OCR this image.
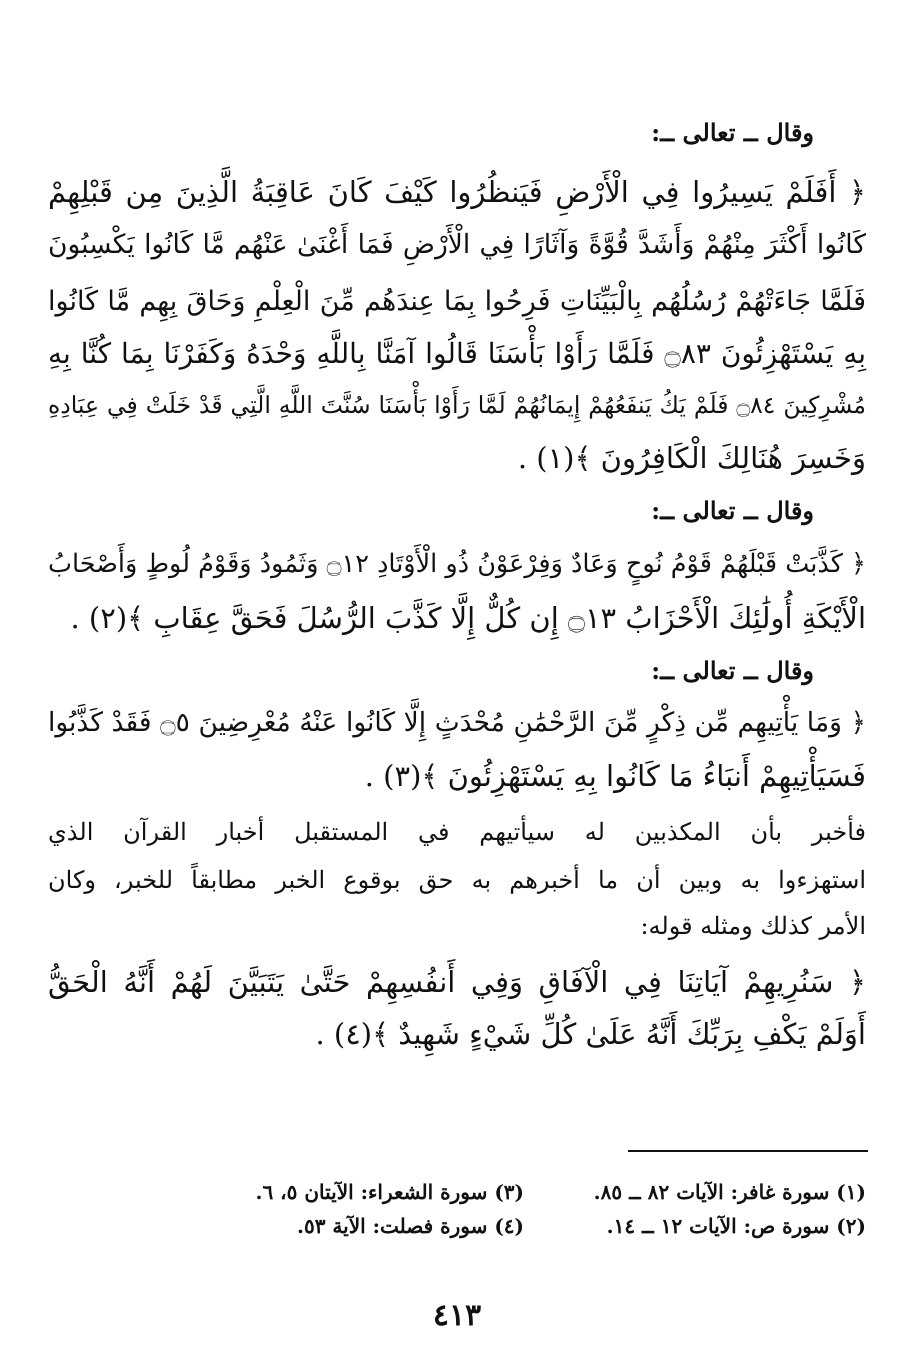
وقال ــ تعالى ــ:
﴿ أَفَلَمْ يَسِيرُوا فِي الْأَرْضِ فَيَنظُرُوا كَيْفَ كَانَ عَاقِبَةُ الَّذِينَ مِن قَبْلِهِمْ
كَانُوا أَكْثَرَ مِنْهُمْ وَأَشَدَّ قُوَّةً وَآثَارًا فِي الْأَرْضِ فَمَا أَغْنَىٰ عَنْهُم مَّا كَانُوا يَكْسِبُونَ
فَلَمَّا جَاءَتْهُمْ رُسُلُهُم بِالْبَيِّنَاتِ فَرِحُوا بِمَا عِندَهُم مِّنَ الْعِلْمِ وَحَاقَ بِهِم مَّا كَانُوا
بِهِ يَسْتَهْزِئُونَ ۝٨٣ فَلَمَّا رَأَوْا بَأْسَنَا قَالُوا آمَنَّا بِاللَّهِ وَحْدَهُ وَكَفَرْنَا بِمَا كُنَّا بِهِ
مُشْرِكِينَ ۝٨٤ فَلَمْ يَكُ يَنفَعُهُمْ إِيمَانُهُمْ لَمَّا رَأَوْا بَأْسَنَا سُنَّتَ اللَّهِ الَّتِي قَدْ خَلَتْ فِي عِبَادِهِ
وَخَسِرَ هُنَالِكَ الْكَافِرُونَ ﴾(١) .
وقال ــ تعالى ــ:
﴿ كَذَّبَتْ قَبْلَهُمْ قَوْمُ نُوحٍ وَعَادٌ وَفِرْعَوْنُ ذُو الْأَوْتَادِ ۝١٢ وَثَمُودُ وَقَوْمُ لُوطٍ وَأَصْحَابُ
الْأَيْكَةِ أُولَٰئِكَ الْأَحْزَابُ ۝١٣ إِن كُلٌّ إِلَّا كَذَّبَ الرُّسُلَ فَحَقَّ عِقَابِ ﴾(٢) .
وقال ــ تعالى ــ:
﴿ وَمَا يَأْتِيهِم مِّن ذِكْرٍ مِّنَ الرَّحْمَٰنِ مُحْدَثٍ إِلَّا كَانُوا عَنْهُ مُعْرِضِينَ ۝٥ فَقَدْ كَذَّبُوا
فَسَيَأْتِيهِمْ أَنبَاءُ مَا كَانُوا بِهِ يَسْتَهْزِئُونَ ﴾(٣) .
فأخبر بأن المكذبين له سيأتيهم في المستقبل أخبار القرآن الذي
استهزءوا به وبين أن ما أخبرهم به حق بوقوع الخبر مطابقاً للخبر، وكان
الأمر كذلك ومثله قوله:
﴿ سَنُرِيهِمْ آيَاتِنَا فِي الْآفَاقِ وَفِي أَنفُسِهِمْ حَتَّىٰ يَتَبَيَّنَ لَهُمْ أَنَّهُ الْحَقُّ
أَوَلَمْ يَكْفِ بِرَبِّكَ أَنَّهُ عَلَىٰ كُلِّ شَيْءٍ شَهِيدٌ ﴾(٤) .
(١) سورة غافر: الآيات ٨٢ ــ ٨٥.
(٣) سورة الشعراء: الآيتان ٥، ٦.
(٢) سورة ص: الآيات ١٢ ــ ١٤.
(٤) سورة فصلت: الآية ٥٣.
٤١٣
